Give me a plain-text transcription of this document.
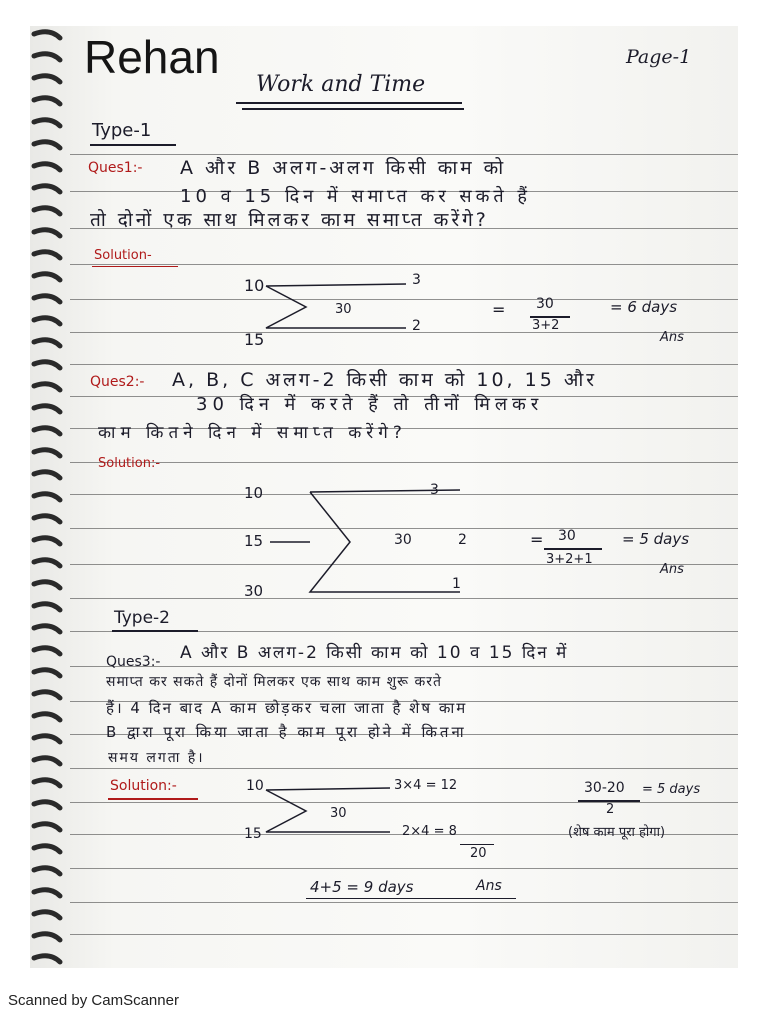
Rehan
Work and Time
Page-1
Type-1
Ques1:- A और B अलग-अलग किसी काम को
10 व 15 दिन में समाप्त कर सकते हैं
तो दोनों एक साथ मिलकर काम समाप्त करेंगे?
Solution-
10
15
30
3
2
= 30
3+2
= 6 days
Ans
Ques2:- A, B, C अलग-2 किसी काम को 10, 15 और
30 दिन में करते हैं तो तीनों मिलकर
काम कितने दिन में समाप्त करेंगे?
Solution:-
10
15
30
30
3
2
1
= 30
3+2+1
= 5 days
Ans
Type-2
Ques3:- A और B अलग-2 किसी काम को 10 व 15 दिन में
समाप्त कर सकते हैं दोनों मिलकर एक साथ काम शुरू करते
हैं। 4 दिन बाद A काम छोड़कर चला जाता है शेष काम
B द्वारा पूरा किया जाता है काम पूरा होने में कितना
समय लगता है।
Solution:-	10
15
30
3×4 = 12
2×4 = 8
20
30-20
2
= 5 days
(शेष काम पूरा होगा)
4+5 = 9 days	Ans
Scanned by CamScanner
